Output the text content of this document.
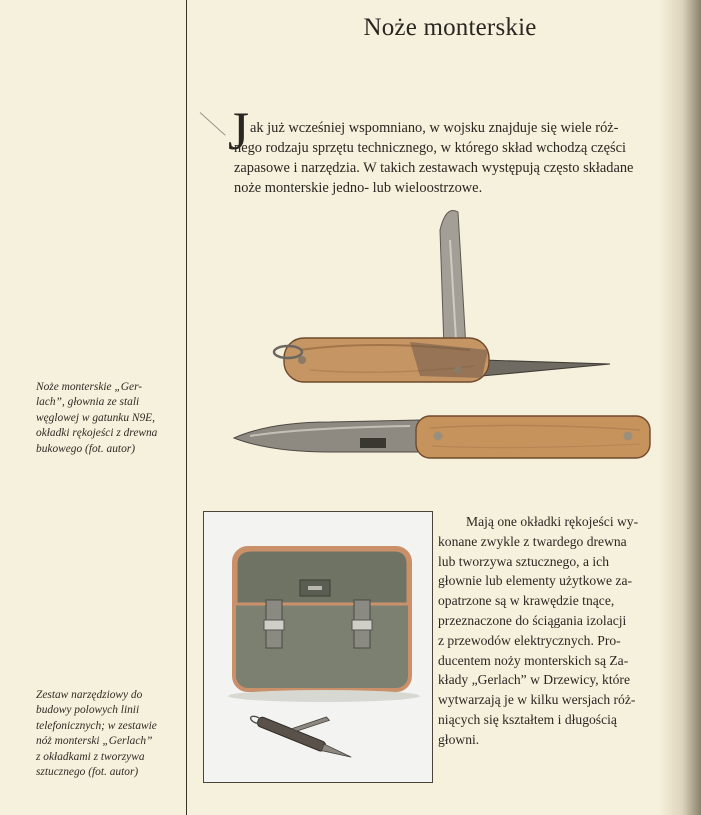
Noże monterskie
J ak już wcześniej wspomniano, w wojsku znajduje się wiele róż-
nego rodzaju sprzętu technicznego, w którego skład wchodzą części
zapasowe i narzędzia. W takich zestawach występują często składane
noże monterskie jedno- lub wieloostrzowe.
Noże monterskie „Ger-
lach”, głownia ze stali
węglowej w gatunku N9E,
okładki rękojeści z drewna
bukowego (fot. autor)
Zestaw narzędziowy do
budowy polowych linii
telefonicznych; w zestawie
nóż monterski „Gerlach”
z okładkami z tworzywa
sztucznego (fot. autor)
Mają one okładki rękojeści wy-
konane zwykle z twardego drewna
lub tworzywa sztucznego, a ich
głownie lub elementy użytkowe za-
opatrzone są w krawędzie tnące,
przeznaczone do ściągania izolacji
z przewodów elektrycznych. Pro-
ducentem noży monterskich są Za-
kłady „Gerlach” w Drzewicy, które
wytwarzają je w kilku wersjach róż-
niących się kształtem i długością
głowni.
